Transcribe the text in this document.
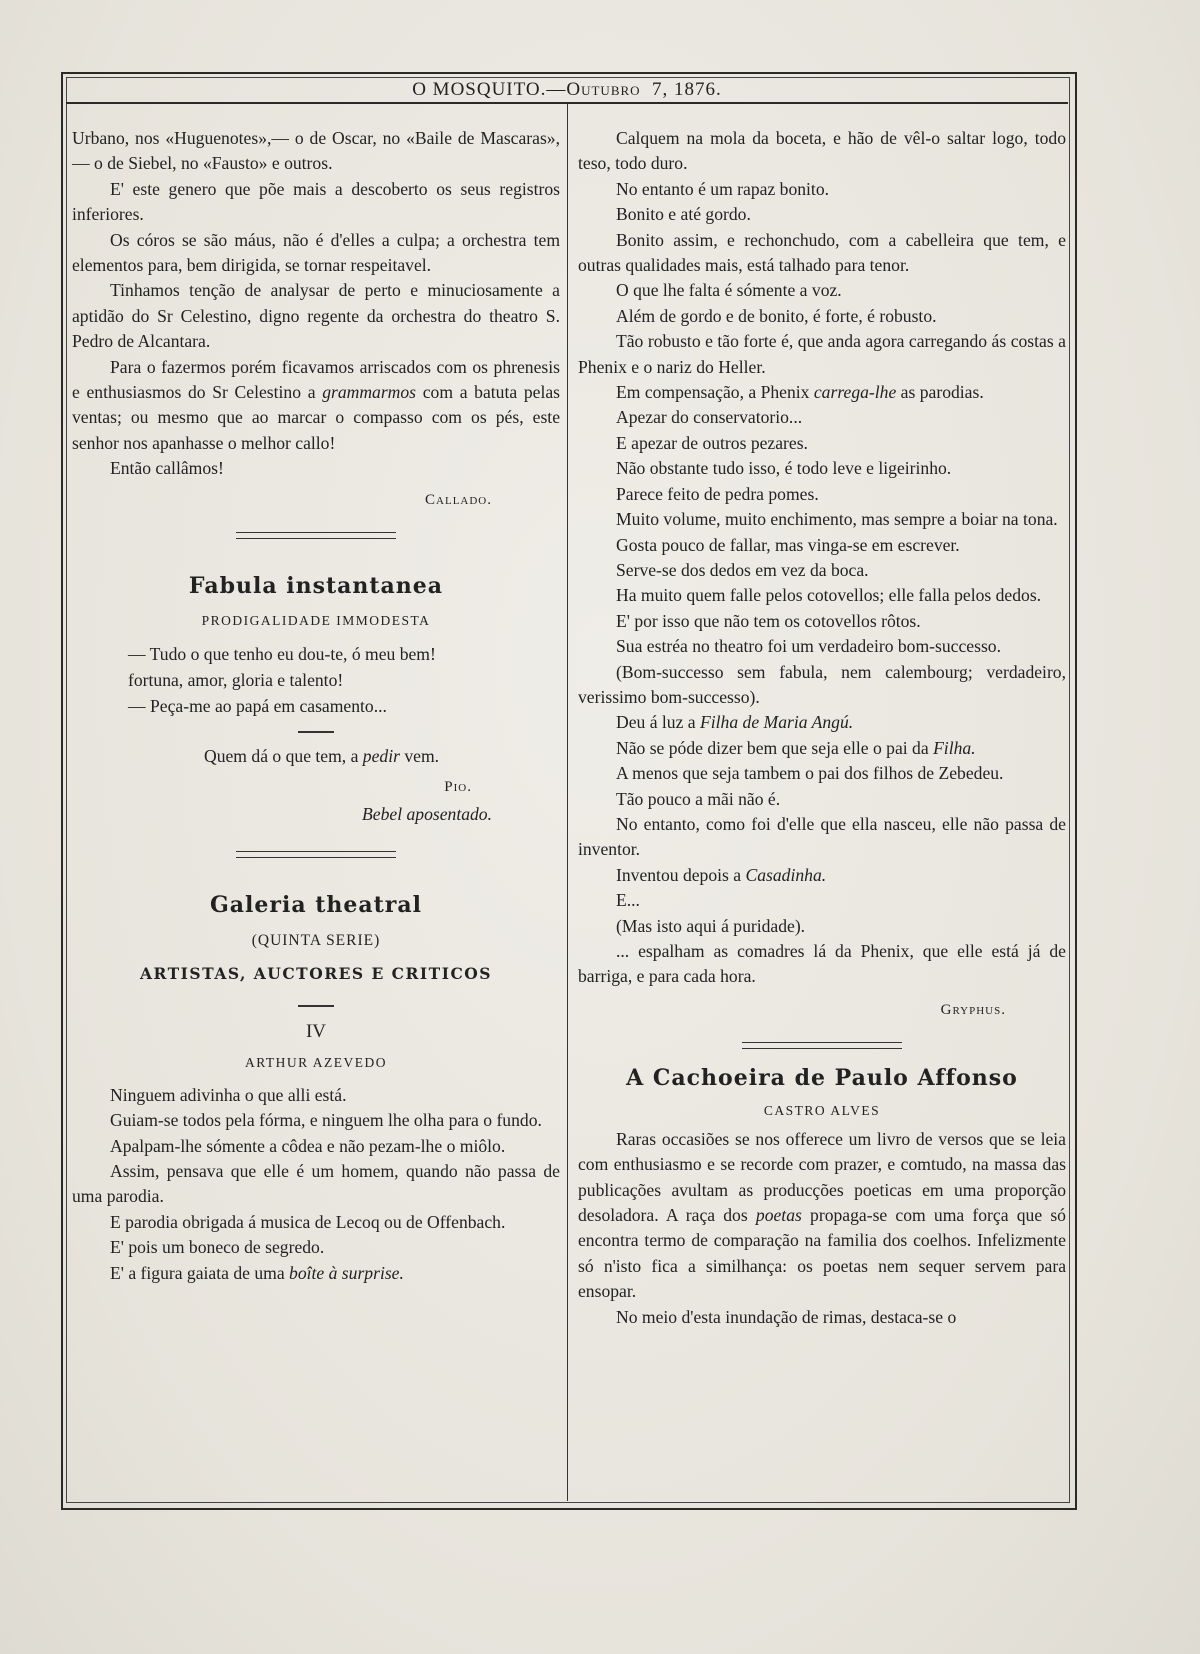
O MOSQUITO.—Outubro 7, 1876.

Urbano, nos «Huguenotes»,— o de Oscar, no «Baile de Mascaras»,— o de Siebel, no «Fausto» e outros.

E' este genero que põe mais a descoberto os seus registros inferiores.

Os córos se são máus, não é d'elles a culpa; a orchestra tem elementos para, bem dirigida, se tornar respeitavel.

Tinhamos tenção de analysar de perto e minuciosamente a aptidão do Sr Celestino, digno regente da orchestra do theatro S. Pedro de Alcantara.

Para o fazermos porém ficavamos arriscados com os phrenesis e enthusiasmos do Sr Celestino a grammarmos com a batuta pelas ventas; ou mesmo que ao marcar o compasso com os pés, este senhor nos apanhasse o melhor callo!

Então callâmos!

Callado.
Fabula instantanea
PRODIGALIDADE IMMODESTA
— Tudo o que tenho eu dou-te, ó meu bem!
fortuna, amor, gloria e talento!
— Peça-me ao papá em casamento...
Quem dá o que tem, a pedir vem.
Pio.
Bebel aposentado.
Galeria theatral
(QUINTA SERIE)
ARTISTAS, AUCTORES E CRITICOS
IV
ARTHUR AZEVEDO

Ninguem adivinha o que alli está.

Guiam-se todos pela fórma, e ninguem lhe olha para o fundo.

Apalpam-lhe sómente a côdea e não pezam-lhe o miôlo.

Assim, pensava que elle é um homem, quando não passa de uma parodia.

E parodia obrigada á musica de Lecoq ou de Offenbach.

E' pois um boneco de segredo.

E' a figura gaiata de uma boîte à surprise.

Calquem na mola da boceta, e hão de vêl-o saltar logo, todo teso, todo duro.

No entanto é um rapaz bonito.

Bonito e até gordo.

Bonito assim, e rechonchudo, com a cabelleira que tem, e outras qualidades mais, está talhado para tenor.

O que lhe falta é sómente a voz.

Além de gordo e de bonito, é forte, é robusto.

Tão robusto e tão forte é, que anda agora carregando ás costas a Phenix e o nariz do Heller.

Em compensação, a Phenix carrega-lhe as parodias.

Apezar do conservatorio...

E apezar de outros pezares.

Não obstante tudo isso, é todo leve e ligeirinho.

Parece feito de pedra pomes.

Muito volume, muito enchimento, mas sempre a boiar na tona.

Gosta pouco de fallar, mas vinga-se em escrever.

Serve-se dos dedos em vez da boca.

Ha muito quem falle pelos cotovellos; elle falla pelos dedos.

E' por isso que não tem os cotovellos rôtos.

Sua estréa no theatro foi um verdadeiro bom-successo.

(Bom-successo sem fabula, nem calembourg; verdadeiro, verissimo bom-successo).

Deu á luz a Filha de Maria Angú.

Não se póde dizer bem que seja elle o pai da Filha.

A menos que seja tambem o pai dos filhos de Zebedeu.

Tão pouco a mãi não é.

No entanto, como foi d'elle que ella nasceu, elle não passa de inventor.

Inventou depois a Casadinha.

E...

(Mas isto aqui á puridade).

... espalham as comadres lá da Phenix, que elle está já de barriga, e para cada hora.

Gryphus.
A Cachoeira de Paulo Affonso
CASTRO ALVES

Raras occasiões se nos offerece um livro de versos que se leia com enthusiasmo e se recorde com prazer, e comtudo, na massa das publicações avultam as producções poeticas em uma proporção desoladora. A raça dos poetas propaga-se com uma força que só encontra termo de comparação na familia dos coelhos. Infelizmente só n'isto fica a similhança: os poetas nem sequer servem para ensopar.

No meio d'esta inundação de rimas, destaca-se o
